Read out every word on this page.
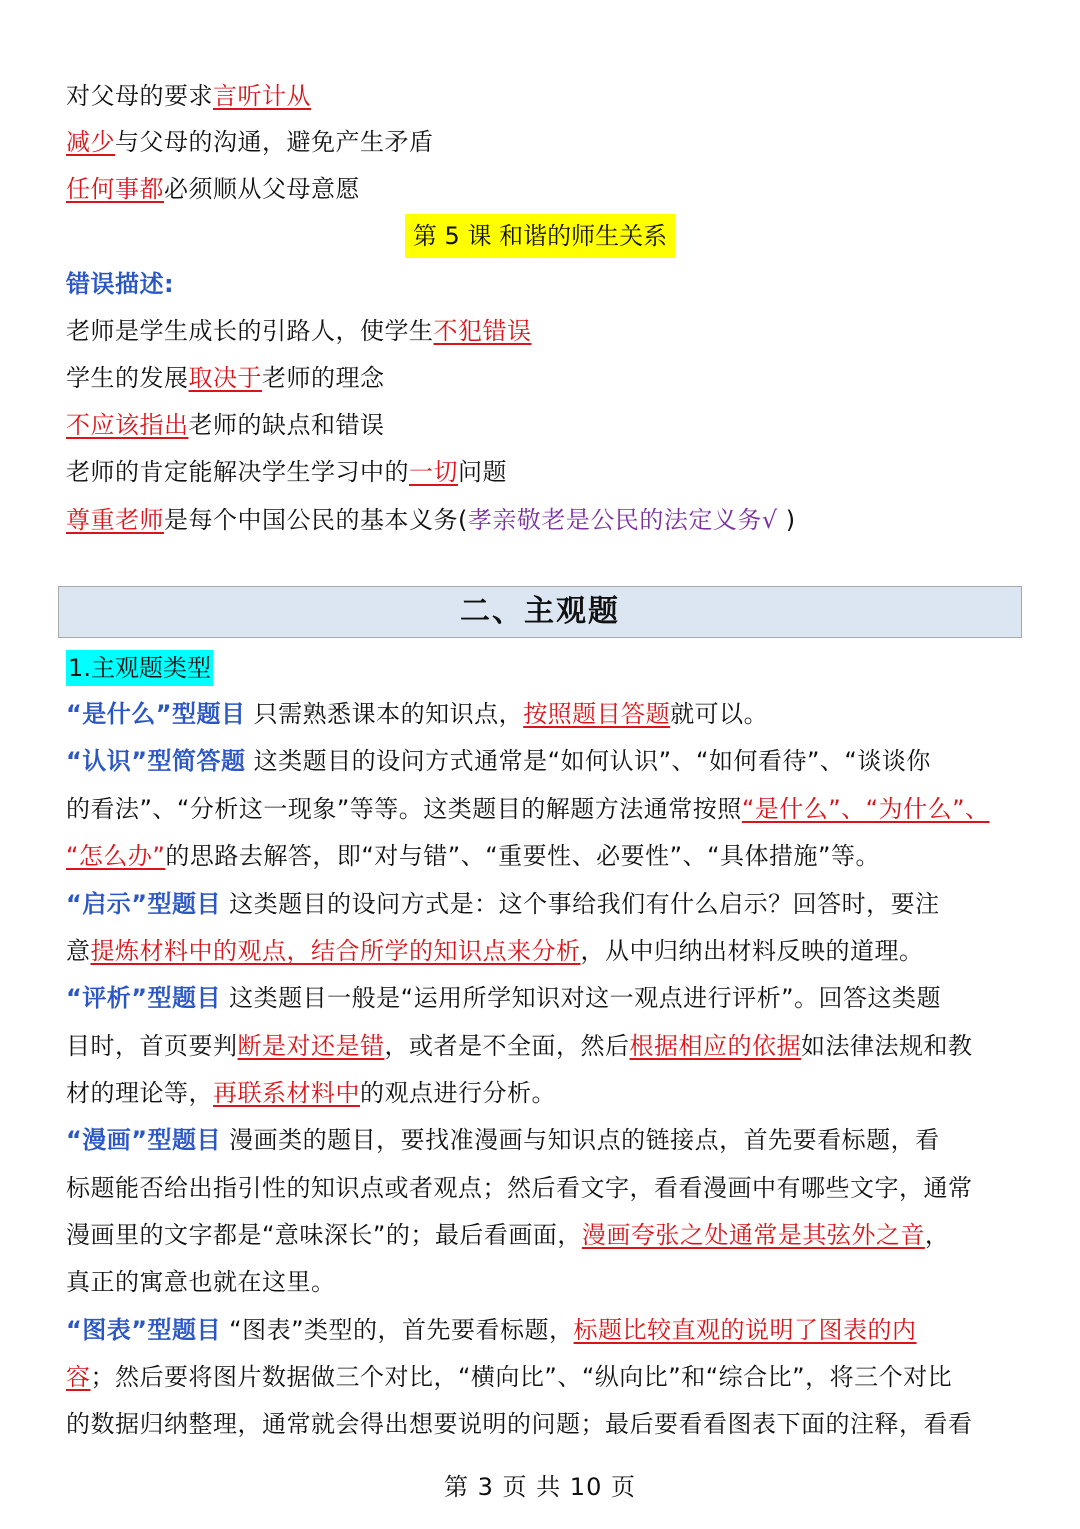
对父母的要求言听计从
减少与父母的沟通，避免产生矛盾
任何事都必须顺从父母意愿
第 5 课 和谐的师生关系
错误描述:
老师是学生成长的引路人，使学生不犯错误
学生的发展取决于老师的理念
不应该指出老师的缺点和错误
老师的肯定能解决学生学习中的一切问题
尊重老师是每个中国公民的基本义务(孝亲敬老是公民的法定义务√ )
二、主观题
1.主观题类型
“是什么”型题目 只需熟悉课本的知识点，按照题目答题就可以。
“认识”型简答题 这类题目的设问方式通常是“如何认识”、“如何看待”、“谈谈你
的看法”、“分析这一现象”等等。这类题目的解题方法通常按照“是什么”、“为什么”、
“怎么办”的思路去解答，即“对与错”、“重要性、必要性”、“具体措施”等。
“启示”型题目 这类题目的设问方式是：这个事给我们有什么启示？回答时，要注
意提炼材料中的观点，结合所学的知识点来分析，从中归纳出材料反映的道理。
“评析”型题目 这类题目一般是“运用所学知识对这一观点进行评析”。回答这类题
目时，首页要判断是对还是错，或者是不全面，然后根据相应的依据如法律法规和教
材的理论等，再联系材料中的观点进行分析。
“漫画”型题目 漫画类的题目，要找准漫画与知识点的链接点，首先要看标题，看
标题能否给出指引性的知识点或者观点；然后看文字，看看漫画中有哪些文字，通常
漫画里的文字都是“意味深长”的；最后看画面，漫画夸张之处通常是其弦外之音，
真正的寓意也就在这里。
“图表”型题目 “图表”类型的，首先要看标题，标题比较直观的说明了图表的内
容；然后要将图片数据做三个对比，“横向比”、“纵向比”和“综合比”，将三个对比
的数据归纳整理，通常就会得出想要说明的问题；最后要看看图表下面的注释，看看
第 3 页 共 10 页
